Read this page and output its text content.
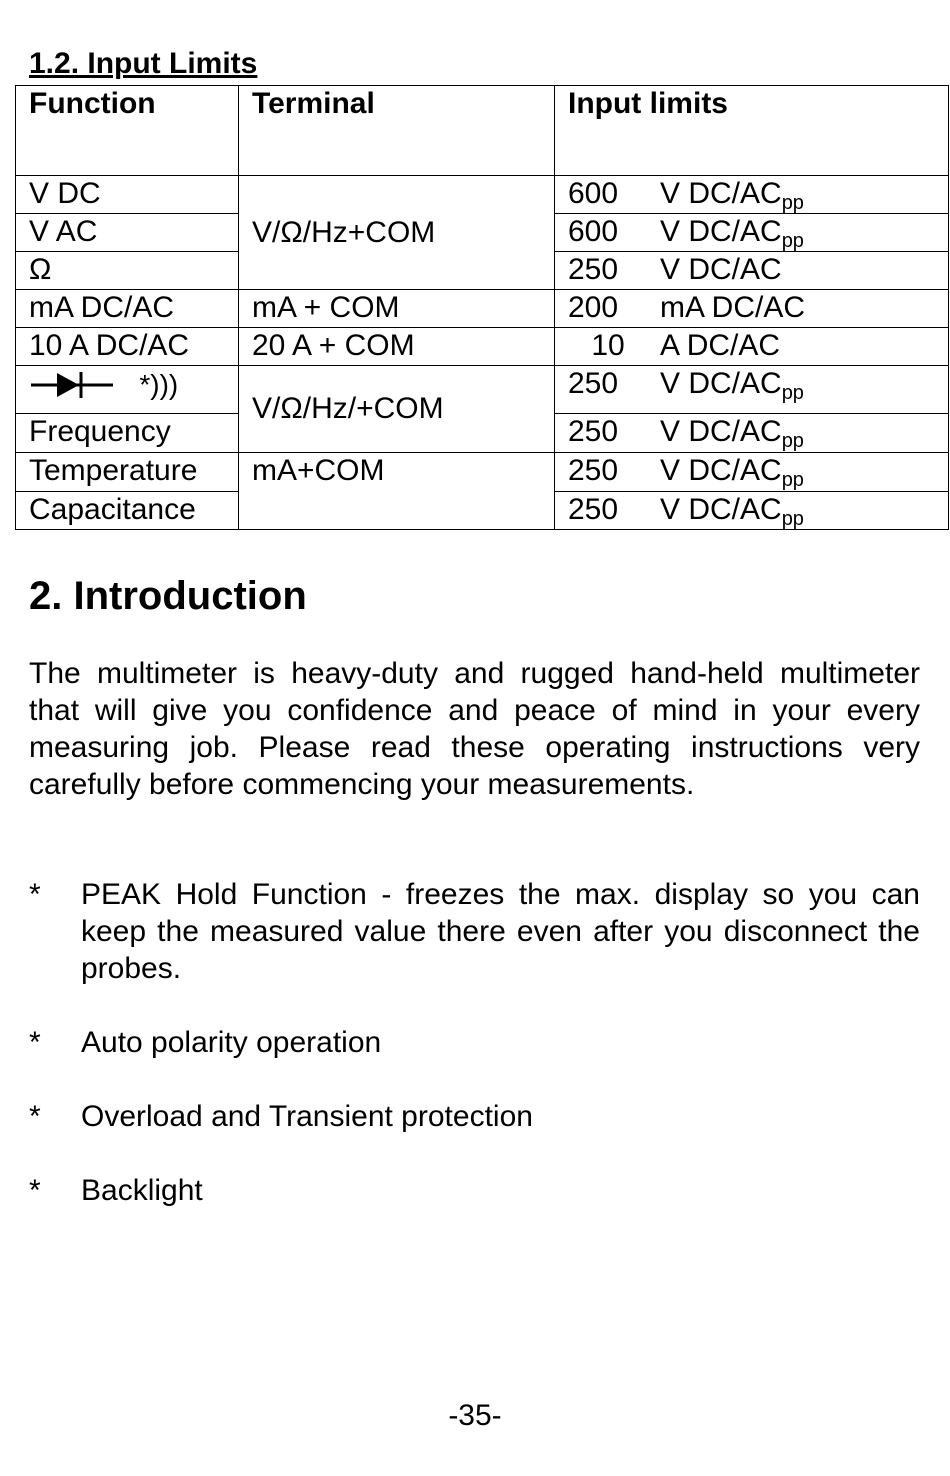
1.2. Input Limits
Function	Terminal	Input limits
V DC	V/Ω/Hz+COM	600 V $DC/AC_{pp}$
V AC		600 V $DC/AC_{pp}$
Ω		250 V DC/AC
mA DC/AC	mA + COM	200 mA DC/AC
10 A DC/AC	20 A + COM	10 A DC/AC
*)))	V/Ω/Hz/+COM	250 V $DC/AC_{pp}$
Frequency		250 V $DC/AC_{pp}$
Temperature	mA+COM	250 V $DC/AC_{pp}$
Capacitance		250 V $DC/AC_{pp}$
2. Introduction

The multimeter is heavy-duty and rugged hand-held multimeter that will give you confidence and peace of mind in your every measuring job. Please read these operating instructions very carefully before commencing your measurements.

* PEAK Hold Function - freezes the max. display so you can keep the measured value there even after you disconnect the probes.
* Auto polarity operation
* Overload and Transient protection
* Backlight
-35-
